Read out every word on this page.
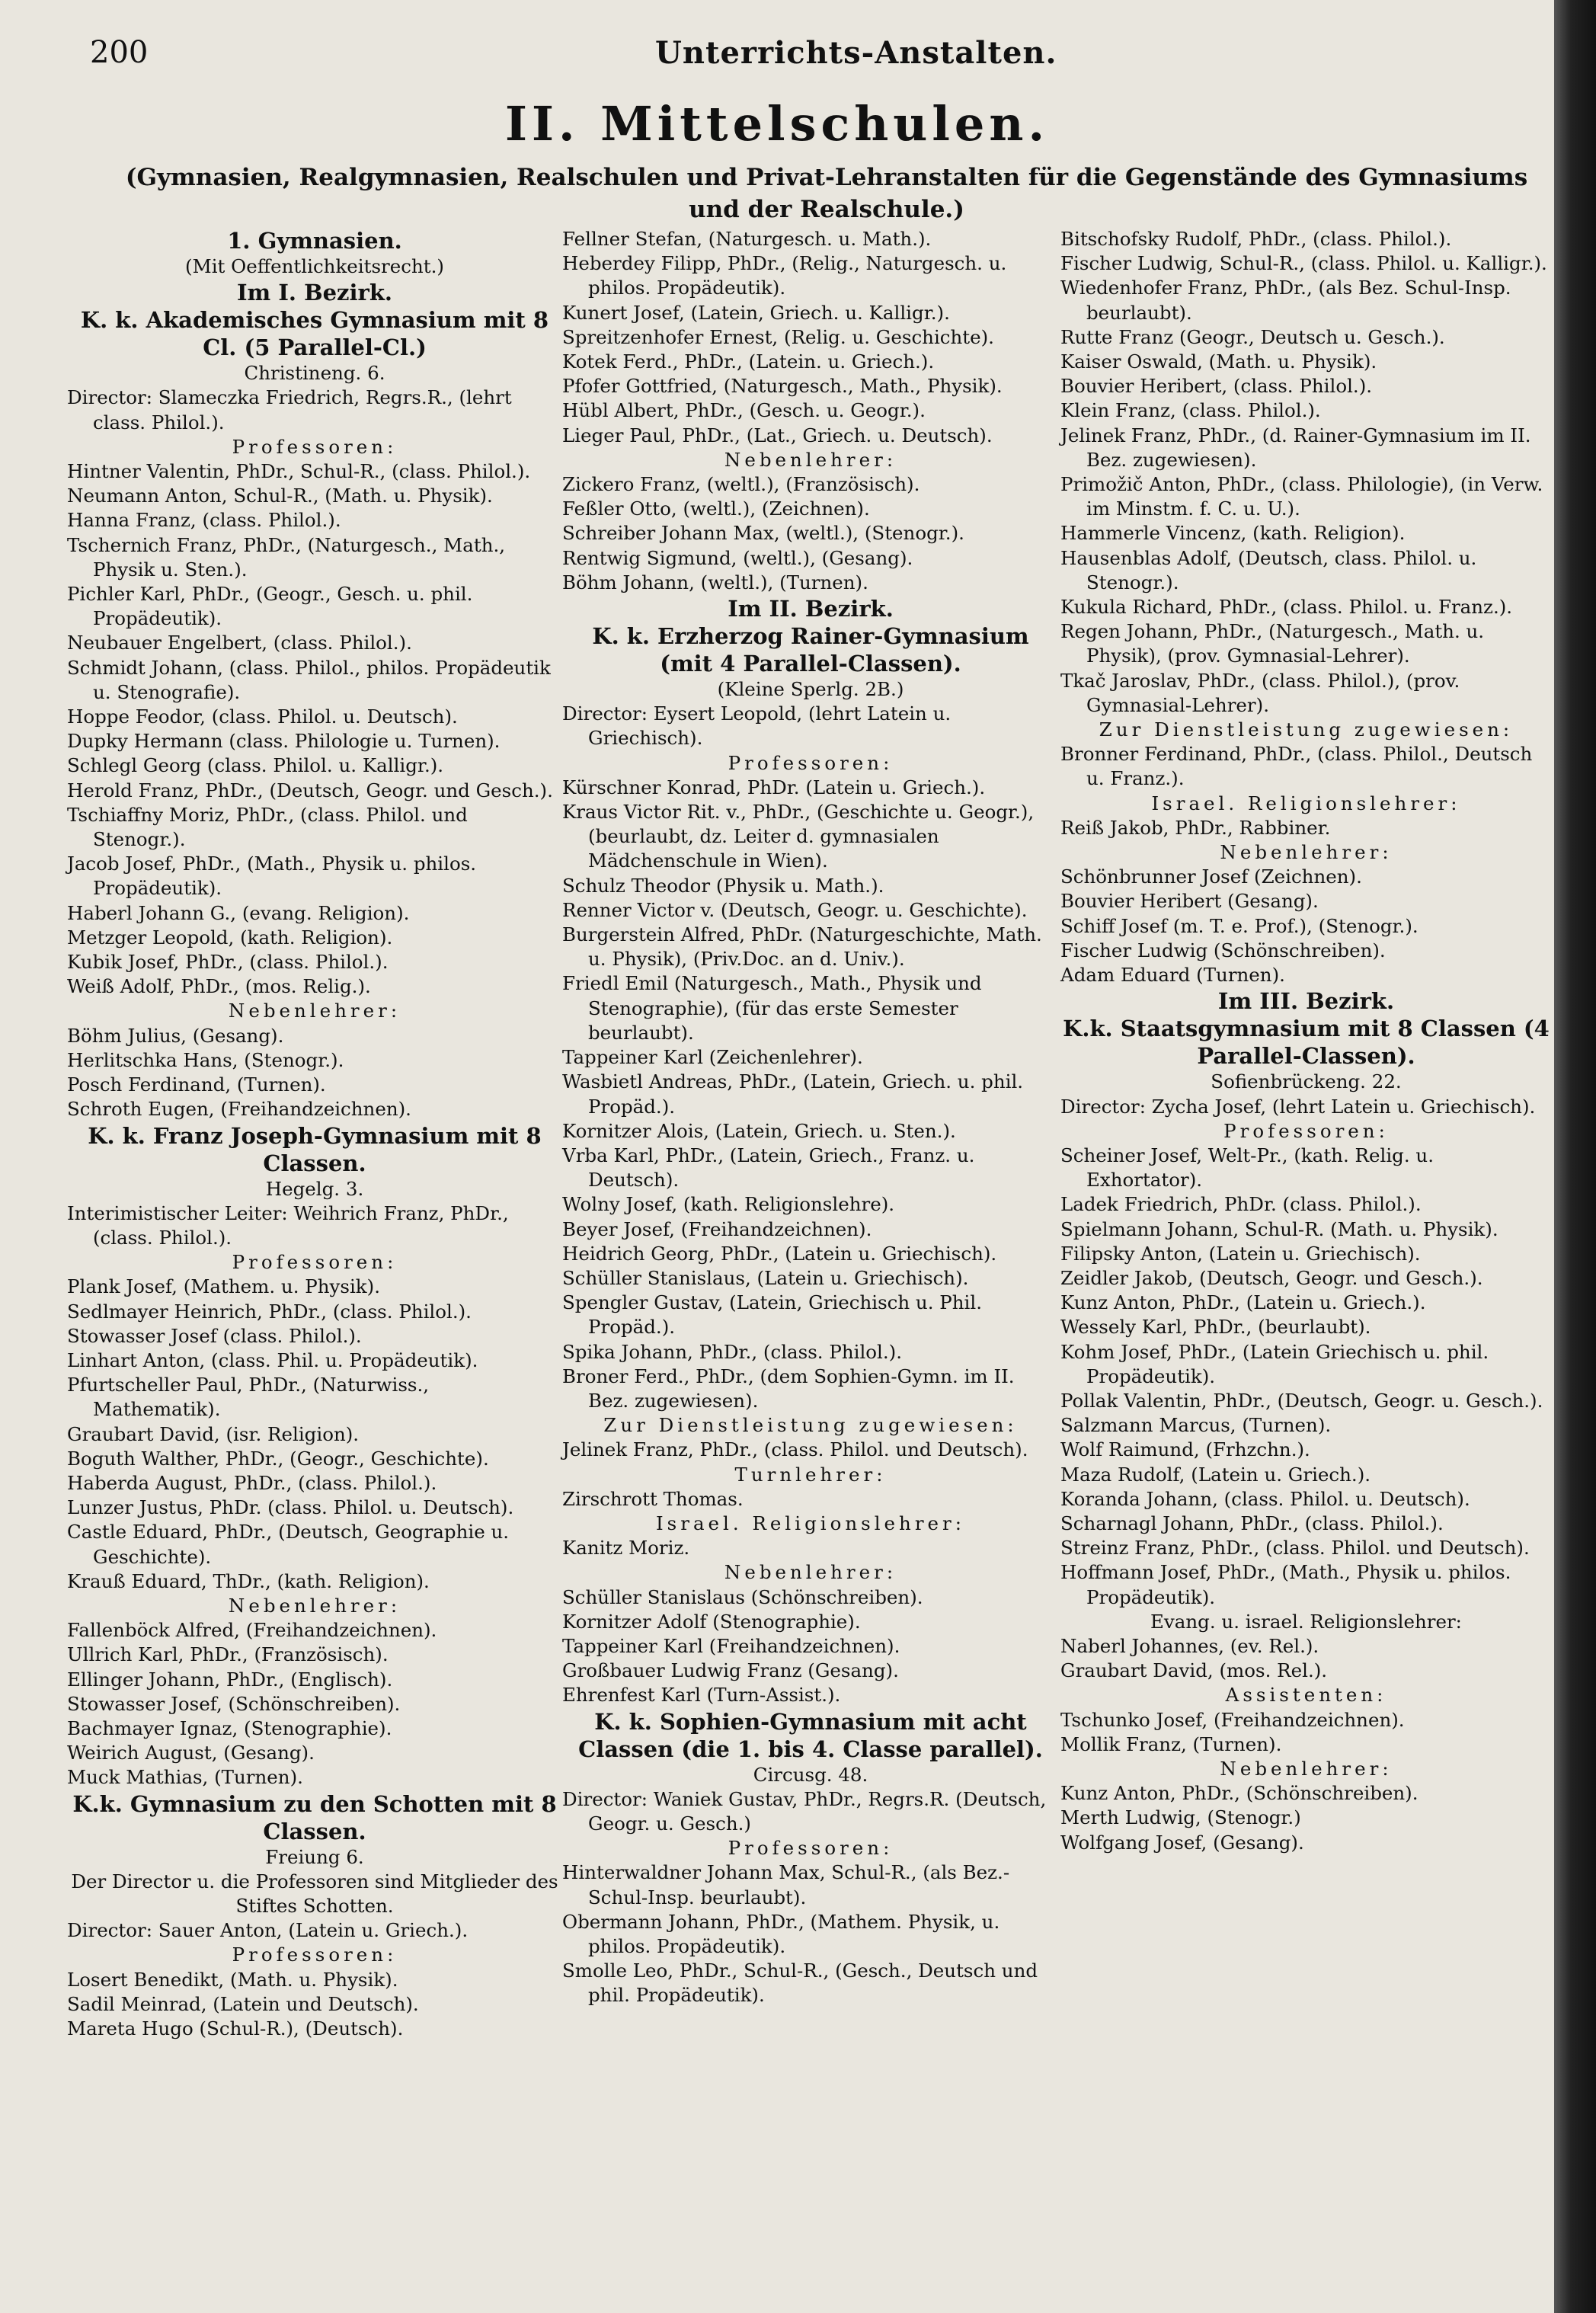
200	Unterrichts-Anstalten.
II. Mittelschulen.
(Gymnasien, Realgymnasien, Realschulen und Privat-Lehranstalten für die Gegenstände des Gymnasiums und der Realschule.)
1. Gymnasien.
(Mit Oeffentlichkeitsrecht.)
Im I. Bezirk.
K. k. Akademisches Gymnasium mit 8 Cl. (5 Parallel-Cl.)
Christineng. 6.
Director: Slameczka Friedrich, Regrs.R., (lehrt class. Philol.).
Professoren:
Hintner Valentin, PhDr., Schul-R., (class. Philol.).
Neumann Anton, Schul-R., (Math. u. Physik).
Hanna Franz, (class. Philol.).
Tschernich Franz, PhDr., (Naturgesch., Math., Physik u. Sten.).
Pichler Karl, PhDr., (Geogr., Gesch. u. phil. Propädeutik).
Neubauer Engelbert, (class. Philol.).
Schmidt Johann, (class. Philol., philos. Propädeutik u. Stenografie).
Hoppe Feodor, (class. Philol. u. Deutsch).
Dupky Hermann (class. Philologie u. Turnen).
Schlegl Georg (class. Philol. u. Kalligr.).
Herold Franz, PhDr., (Deutsch, Geogr. und Gesch.).
Tschiaffny Moriz, PhDr., (class. Philol. und Stenogr.).
Jacob Josef, PhDr., (Math., Physik u. philos. Propädeutik).
Haberl Johann G., (evang. Religion).
Metzger Leopold, (kath. Religion).
Kubik Josef, PhDr., (class. Philol.).
Weiß Adolf, PhDr., (mos. Relig.).
Nebenlehrer:
Böhm Julius, (Gesang).
Herlitschka Hans, (Stenogr.).
Posch Ferdinand, (Turnen).
Schroth Eugen, (Freihandzeichnen).
K. k. Franz Joseph-Gymnasium mit 8 Classen.
Hegelg. 3.
Interimistischer Leiter: Weihrich Franz, PhDr., (class. Philol.).
Professoren:
Plank Josef, (Mathem. u. Physik).
Sedlmayer Heinrich, PhDr., (class. Philol.).
Stowasser Josef (class. Philol.).
Linhart Anton, (class. Phil. u. Propädeutik).
Pfurtscheller Paul, PhDr., (Naturwiss., Mathematik).
Graubart David, (isr. Religion).
Boguth Walther, PhDr., (Geogr., Geschichte).
Haberda August, PhDr., (class. Philol.).
Lunzer Justus, PhDr. (class. Philol. u. Deutsch).
Castle Eduard, PhDr., (Deutsch, Geographie u. Geschichte).
Krauß Eduard, ThDr., (kath. Religion).
Nebenlehrer:
Fallenböck Alfred, (Freihandzeichnen).
Ullrich Karl, PhDr., (Französisch).
Ellinger Johann, PhDr., (Englisch).
Stowasser Josef, (Schönschreiben).
Bachmayer Ignaz, (Stenographie).
Weirich August, (Gesang).
Muck Mathias, (Turnen).
K.k. Gymnasium zu den Schotten mit 8 Classen.
Freiung 6.
Der Director u. die Professoren sind Mitglieder des Stiftes Schotten.
Director: Sauer Anton, (Latein u. Griech.).
Professoren:
Losert Benedikt, (Math. u. Physik).
Sadil Meinrad, (Latein und Deutsch).
Mareta Hugo (Schul-R.), (Deutsch).
Fellner Stefan, (Naturgesch. u. Math.).
Heberdey Filipp, PhDr., (Relig., Naturgesch. u. philos. Propädeutik).
Kunert Josef, (Latein, Griech. u. Kalligr.).
Spreitzenhofer Ernest, (Relig. u. Geschichte).
Kotek Ferd., PhDr., (Latein. u. Griech.).
Pfofer Gottfried, (Naturgesch., Math., Physik).
Hübl Albert, PhDr., (Gesch. u. Geogr.).
Lieger Paul, PhDr., (Lat., Griech. u. Deutsch).
Nebenlehrer:
Zickero Franz, (weltl.), (Französisch).
Feßler Otto, (weltl.), (Zeichnen).
Schreiber Johann Max, (weltl.), (Stenogr.).
Rentwig Sigmund, (weltl.), (Gesang).
Böhm Johann, (weltl.), (Turnen).
Im II. Bezirk.
K. k. Erzherzog Rainer-Gymnasium (mit 4 Parallel-Classen).
(Kleine Sperlg. 2B.)
Director: Eysert Leopold, (lehrt Latein u. Griechisch).
Professoren:
Kürschner Konrad, PhDr. (Latein u. Griech.).
Kraus Victor Rit. v., PhDr., (Geschichte u. Geogr.), (beurlaubt, dz. Leiter d. gymnasialen Mädchenschule in Wien).
Schulz Theodor (Physik u. Math.).
Renner Victor v. (Deutsch, Geogr. u. Geschichte).
Burgerstein Alfred, PhDr. (Naturgeschichte, Math. u. Physik), (Priv.Doc. an d. Univ.).
Friedl Emil (Naturgesch., Math., Physik und Stenographie), (für das erste Semester beurlaubt).
Tappeiner Karl (Zeichenlehrer).
Wasbietl Andreas, PhDr., (Latein, Griech. u. phil. Propäd.).
Kornitzer Alois, (Latein, Griech. u. Sten.).
Vrba Karl, PhDr., (Latein, Griech., Franz. u. Deutsch).
Wolny Josef, (kath. Religionslehre).
Beyer Josef, (Freihandzeichnen).
Heidrich Georg, PhDr., (Latein u. Griechisch).
Schüller Stanislaus, (Latein u. Griechisch).
Spengler Gustav, (Latein, Griechisch u. Phil. Propäd.).
Spika Johann, PhDr., (class. Philol.).
Broner Ferd., PhDr., (dem Sophien-Gymn. im II. Bez. zugewiesen).
Zur Dienstleistung zugewiesen:
Jelinek Franz, PhDr., (class. Philol. und Deutsch).
Turnlehrer:
Zirschrott Thomas.
Israel. Religionslehrer:
Kanitz Moriz.
Nebenlehrer:
Schüller Stanislaus (Schönschreiben).
Kornitzer Adolf (Stenographie).
Tappeiner Karl (Freihandzeichnen).
Großbauer Ludwig Franz (Gesang).
Ehrenfest Karl (Turn-Assist.).
K. k. Sophien-Gymnasium mit acht Classen (die 1. bis 4. Classe parallel).
Circusg. 48.
Director: Waniek Gustav, PhDr., Regrs.R. (Deutsch, Geogr. u. Gesch.)
Professoren:
Hinterwaldner Johann Max, Schul-R., (als Bez.-Schul-Insp. beurlaubt).
Obermann Johann, PhDr., (Mathem. Physik, u. philos. Propädeutik).
Smolle Leo, PhDr., Schul-R., (Gesch., Deutsch und phil. Propädeutik).
Bitschofsky Rudolf, PhDr., (class. Philol.).
Fischer Ludwig, Schul-R., (class. Philol. u. Kalligr.).
Wiedenhofer Franz, PhDr., (als Bez. Schul-Insp. beurlaubt).
Rutte Franz (Geogr., Deutsch u. Gesch.).
Kaiser Oswald, (Math. u. Physik).
Bouvier Heribert, (class. Philol.).
Klein Franz, (class. Philol.).
Jelinek Franz, PhDr., (d. Rainer-Gymnasium im II. Bez. zugewiesen).
Primožič Anton, PhDr., (class. Philologie), (in Verw. im Minstm. f. C. u. U.).
Hammerle Vincenz, (kath. Religion).
Hausenblas Adolf, (Deutsch, class. Philol. u. Stenogr.).
Kukula Richard, PhDr., (class. Philol. u. Franz.).
Regen Johann, PhDr., (Naturgesch., Math. u. Physik), (prov. Gymnasial-Lehrer).
Tkač Jaroslav, PhDr., (class. Philol.), (prov. Gymnasial-Lehrer).
Zur Dienstleistung zugewiesen:
Bronner Ferdinand, PhDr., (class. Philol., Deutsch u. Franz.).
Israel. Religionslehrer:
Reiß Jakob, PhDr., Rabbiner.
Nebenlehrer:
Schönbrunner Josef (Zeichnen).
Bouvier Heribert (Gesang).
Schiff Josef (m. T. e. Prof.), (Stenogr.).
Fischer Ludwig (Schönschreiben).
Adam Eduard (Turnen).
Im III. Bezirk.
K.k. Staatsgymnasium mit 8 Classen (4 Parallel-Classen).
Sofienbrückeng. 22.
Director: Zycha Josef, (lehrt Latein u. Griechisch).
Professoren:
Scheiner Josef, Welt-Pr., (kath. Relig. u. Exhortator).
Ladek Friedrich, PhDr. (class. Philol.).
Spielmann Johann, Schul-R. (Math. u. Physik).
Filipsky Anton, (Latein u. Griechisch).
Zeidler Jakob, (Deutsch, Geogr. und Gesch.).
Kunz Anton, PhDr., (Latein u. Griech.).
Wessely Karl, PhDr., (beurlaubt).
Kohm Josef, PhDr., (Latein Griechisch u. phil. Propädeutik).
Pollak Valentin, PhDr., (Deutsch, Geogr. u. Gesch.).
Salzmann Marcus, (Turnen).
Wolf Raimund, (Frhzchn.).
Maza Rudolf, (Latein u. Griech.).
Koranda Johann, (class. Philol. u. Deutsch).
Scharnagl Johann, PhDr., (class. Philol.).
Streinz Franz, PhDr., (class. Philol. und Deutsch).
Hoffmann Josef, PhDr., (Math., Physik u. philos. Propädeutik).
Evang. u. israel. Religionslehrer:
Naberl Johannes, (ev. Rel.).
Graubart David, (mos. Rel.).
Assistenten:
Tschunko Josef, (Freihandzeichnen).
Mollik Franz, (Turnen).
Nebenlehrer:
Kunz Anton, PhDr., (Schönschreiben).
Merth Ludwig, (Stenogr.)
Wolfgang Josef, (Gesang).
